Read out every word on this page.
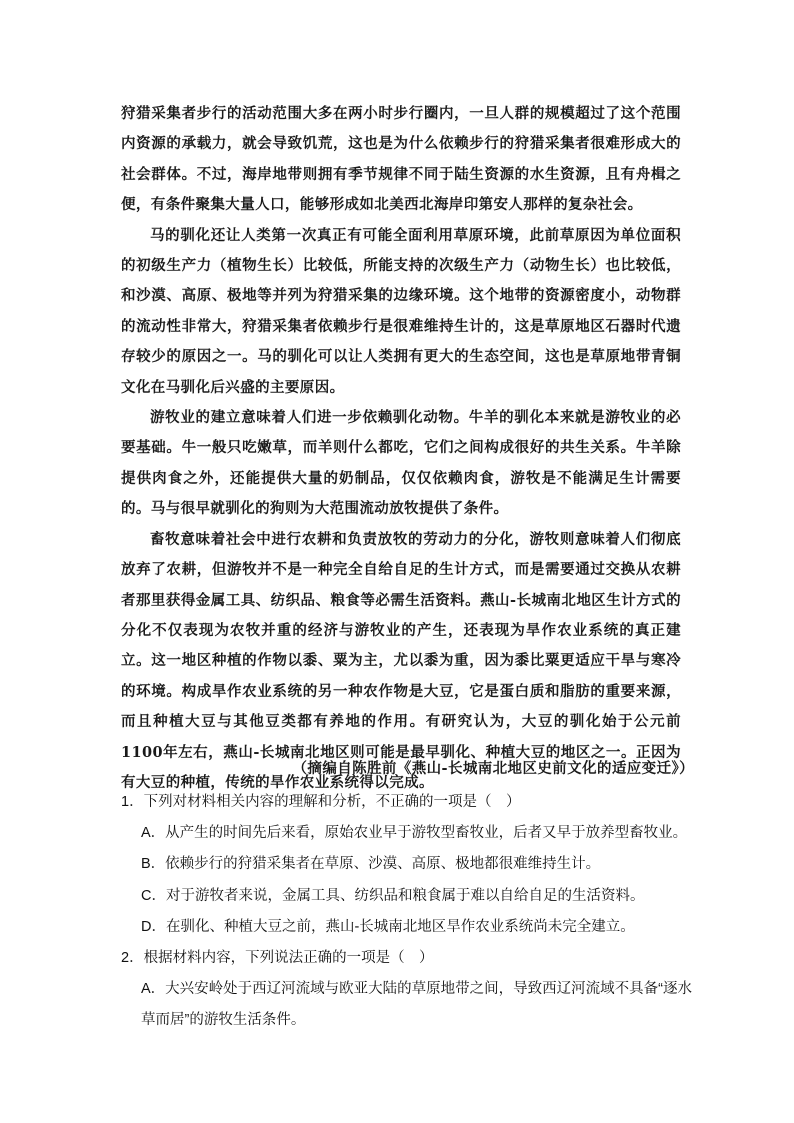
狩猎采集者步行的活动范围大多在两小时步行圈内，一旦人群的规模超过了这个范围内资源的承载力，就会导致饥荒，这也是为什么依赖步行的狩猎采集者很难形成大的社会群体。不过，海岸地带则拥有季节规律不同于陆生资源的水生资源，且有舟楫之便，有条件聚集大量人口，能够形成如北美西北海岸印第安人那样的复杂社会。

马的驯化还让人类第一次真正有可能全面利用草原环境，此前草原因为单位面积的初级生产力（植物生长）比较低，所能支持的次级生产力（动物生长）也比较低，和沙漠、高原、极地等并列为狩猎采集的边缘环境。这个地带的资源密度小，动物群的流动性非常大，狩猎采集者依赖步行是很难维持生计的，这是草原地区石器时代遗存较少的原因之一。马的驯化可以让人类拥有更大的生态空间，这也是草原地带青铜文化在马驯化后兴盛的主要原因。

游牧业的建立意味着人们进一步依赖驯化动物。牛羊的驯化本来就是游牧业的必要基础。牛一般只吃嫩草，而羊则什么都吃，它们之间构成很好的共生关系。牛羊除提供肉食之外，还能提供大量的奶制品，仅仅依赖肉食，游牧是不能满足生计需要的。马与很早就驯化的狗则为大范围流动放牧提供了条件。

畜牧意味着社会中进行农耕和负责放牧的劳动力的分化，游牧则意味着人们彻底放弃了农耕，但游牧并不是一种完全自给自足的生计方式，而是需要通过交换从农耕者那里获得金属工具、纺织品、粮食等必需生活资料。燕山-长城南北地区生计方式的分化不仅表现为农牧并重的经济与游牧业的产生，还表现为旱作农业系统的真正建立。这一地区种植的作物以黍、粟为主，尤以黍为重，因为黍比粟更适应干旱与寒冷的环境。构成旱作农业系统的另一种农作物是大豆，它是蛋白质和脂肪的重要来源，而且种植大豆与其他豆类都有养地的作用。有研究认为，大豆的驯化始于公元前1100年左右，燕山-长城南北地区则可能是最早驯化、种植大豆的地区之一。正因为有大豆的种植，传统的旱作农业系统得以完成。

（摘编自陈胜前《燕山-长城南北地区史前文化的适应变迁》）

1．下列对材料相关内容的理解和分析，不正确的一项是（　）

A．从产生的时间先后来看，原始农业早于游牧型畜牧业，后者又早于放养型畜牧业。

B．依赖步行的狩猎采集者在草原、沙漠、高原、极地都很难维持生计。

C．对于游牧者来说，金属工具、纺织品和粮食属于难以自给自足的生活资料。

D．在驯化、种植大豆之前，燕山-长城南北地区旱作农业系统尚未完全建立。

2．根据材料内容，下列说法正确的一项是（　）

A．大兴安岭处于西辽河流域与欧亚大陆的草原地带之间，导致西辽河流域不具备“逐水草而居”的游牧生活条件。
